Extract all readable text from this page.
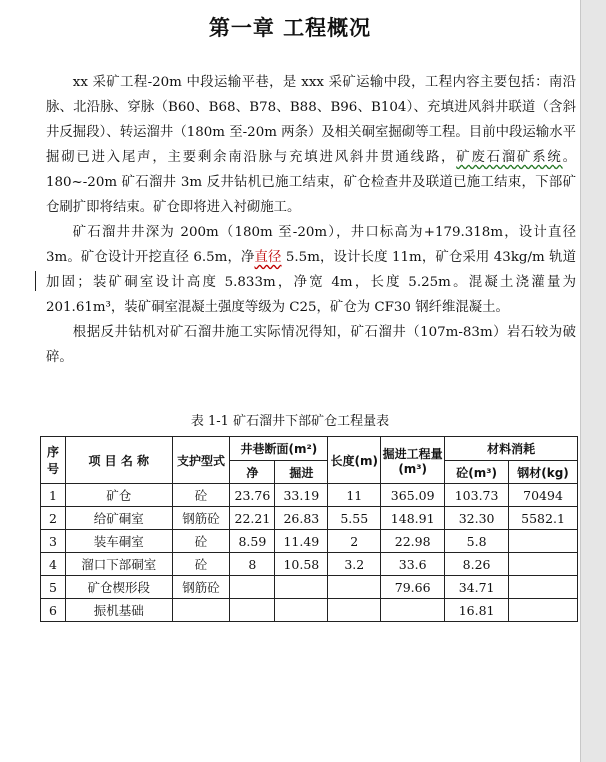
第一章 工程概况

xx 采矿工程-20m 中段运输平巷，是 xxx 采矿运输中段，工程内容主要包括：南沿脉、北沿脉、穿脉（B60、B68、B78、B88、B96、B104）、充填进风斜井联道（含斜井反掘段）、转运溜井（180m 至-20m 两条）及相关硐室掘砌等工程。目前中段运输水平掘砌已进入尾声，主要剩余南沿脉与充填进风斜井贯通线路，矿废石溜矿系统。180~-20m 矿石溜井 3m 反井钻机已施工结束，矿仓检查井及联道已施工结束，下部矿仓刷扩即将结束。矿仓即将进入衬砌施工。

矿石溜井井深为 200m（180m 至-20m），井口标高为+179.318m，设计直径 3m。矿仓设计开挖直径 6.5m，净直径 5.5m，设计长度 11m，矿仓采用 43kg/m 轨道加固；装矿硐室设计高度 5.833m，净宽 4m，长度 5.25m。混凝土浇灌量为 201.61m³，装矿硐室混凝土强度等级为 C25，矿仓为 CF30 钢纤维混凝土。

根据反井钻机对矿石溜井施工实际情况得知，矿石溜井（107m-83m）岩石较为破碎。

表 1-1 矿石溜井下部矿仓工程量表
序号	项 目 名 称	支护型式	井巷断面(m²)		长度(m)	掘进工程量(m³)	材料消耗	
			净	掘进			砼(m³)	钢材(kg)
1	矿仓	砼	23.76	33.19	11	365.09	103.73	70494
2	给矿硐室	钢筋砼	22.21	26.83	5.55	148.91	32.30	5582.1
3	装车硐室	砼	8.59	11.49	2	22.98	5.8	
4	溜口下部硐室	砼	8	10.58	3.2	33.6	8.26	
5	矿仓楔形段	钢筋砼				79.66	34.71	
6	振机基础						16.81	
